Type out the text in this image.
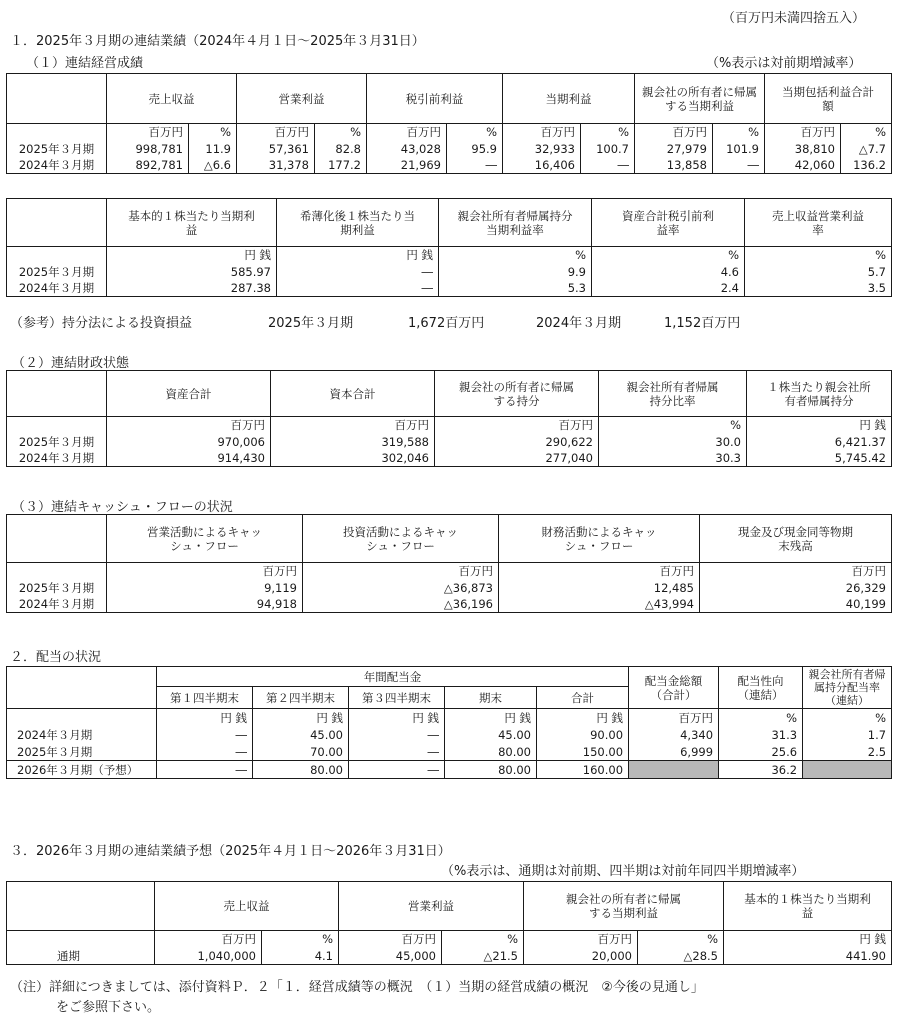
（百万円未満四捨五入）
１．2025年３月期の連結業績（2024年４月１日～2025年３月31日）
（１）連結経営成績	（%表示は対前期増減率）
	売上収益		営業利益		税引前利益		当期利益		親会社の所有者に帰属する当期利益		当期包括利益合計額	

	百万円	%	百万円	%	百万円	%	百万円	%	百万円	%	百万円	%
2025年３月期	998,781	11.9	57,361	82.8	43,028	95.9	32,933	100.7	27,979	101.9	38,810	△7.7
2024年３月期	892,781	△6.6	31,378	177.2	21,969	―	16,406	―	13,858	―	42,060	136.2

	基本的１株当たり当期利益	希薄化後１株当たり当期利益	親会社所有者帰属持分当期利益率	資産合計税引前利益率	売上収益営業利益率

	円 銭	円 銭	%	%	%
2025年３月期	585.97	―	9.9	4.6	5.7
2024年３月期	287.38	―	5.3	2.4	3.5
（参考）持分法による投資損益	2025年３月期	1,672百万円	2024年３月期	1,152百万円
（２）連結財政状態
	資産合計	資本合計	親会社の所有者に帰属する持分	親会社所有者帰属持分比率	１株当たり親会社所有者帰属持分

	百万円	百万円	百万円	%	円 銭
2025年３月期	970,006	319,588	290,622	30.0	6,421.37
2024年３月期	914,430	302,046	277,040	30.3	5,745.42
（３）連結キャッシュ・フローの状況

	営業活動によるキャッシュ・フロー	投資活動によるキャッシュ・フロー	財務活動によるキャッシュ・フロー	現金及び現金同等物期末残高

	百万円	百万円	百万円	百万円
2025年３月期	9,119	△36,873	12,485	26,329
2024年３月期	94,918	△36,196	△43,994	40,199
２．配当の状況
	年間配当金					配当金総額（合計）	配当性向（連結）	親会社所有者帰属持分配当率（連結）

	第１四半期末	第２四半期末	第３四半期末	期末	合計			
	円 銭	円 銭	円 銭	円 銭	円 銭	百万円	%	%
2024年３月期	―	45.00	―	45.00	90.00	4,340	31.3	1.7
2025年３月期	―	70.00	―	80.00	150.00	6,999	25.6	2.5
2026年３月期（予想）	―	80.00	―	80.00	160.00		36.2	
３．2026年３月期の連結業績予想（2025年４月１日～2026年３月31日）
（%表示は、通期は対前期、四半期は対前年同四半期増減率）
	売上収益		営業利益		親会社の所有者に帰属する当期利益		基本的１株当たり当期利益

	百万円	%	百万円	%	百万円	%	円 銭
通期	1,040,000	4.1	45,000	△21.5	20,000	△28.5	441.90
（注）詳細につきましては、添付資料Ｐ．２「１．経営成績等の概況　（１）当期の経営成績の概況　②今後の見通し」
をご参照下さい。
